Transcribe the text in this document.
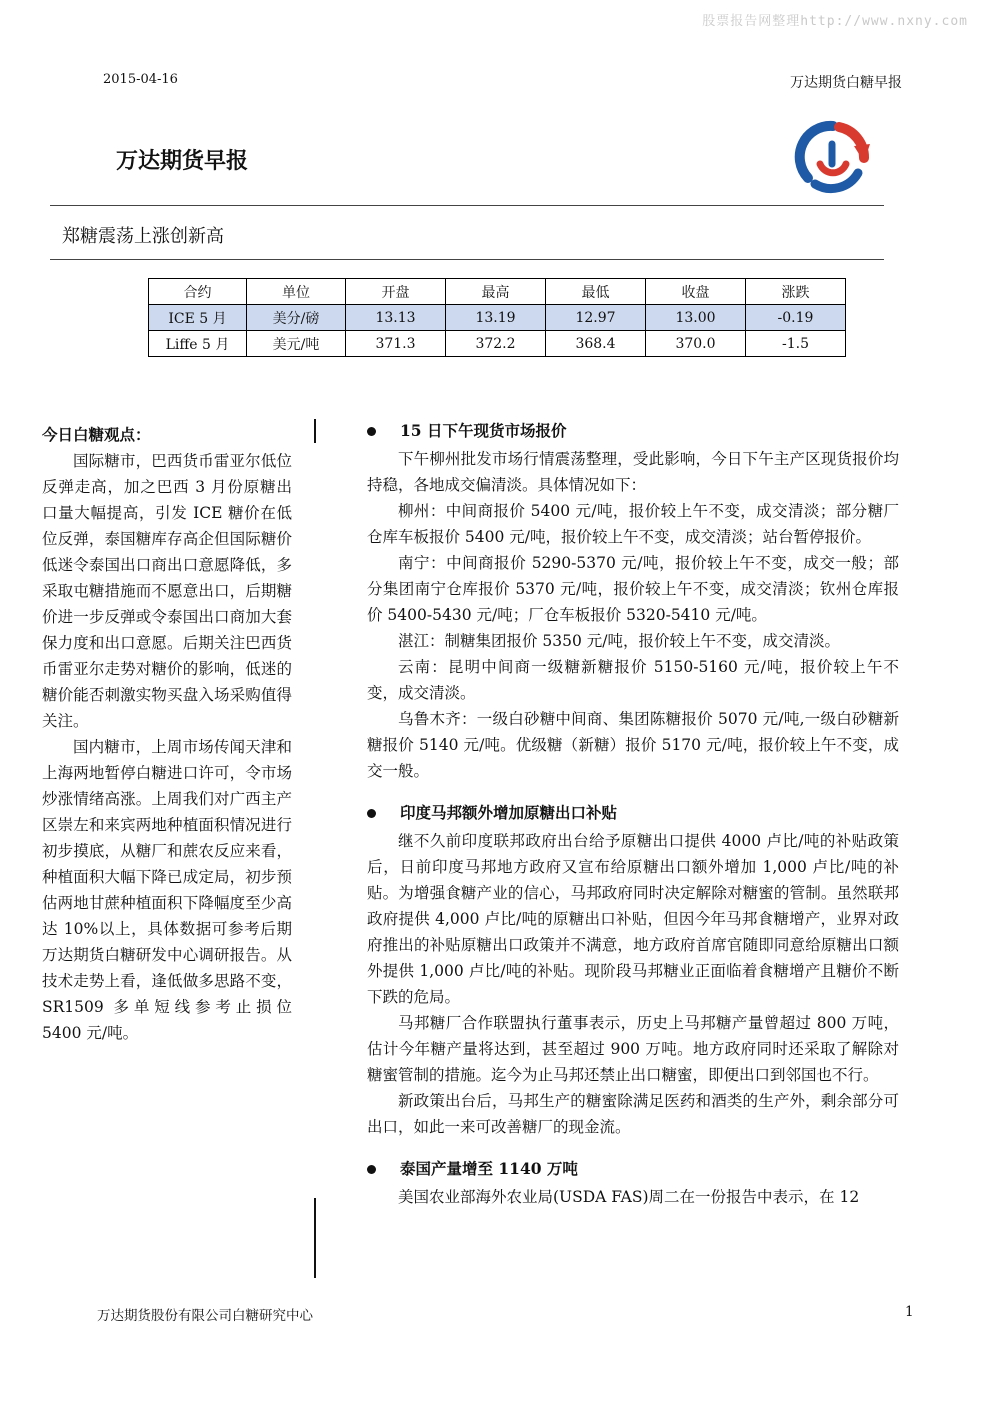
股票报告网整理http://www.nxny.com
2015-04-16	万达期货白糖早报
万达期货早报
郑糖震荡上涨创新高
合约	单位	开盘	最高	最低	收盘	涨跌
ICE 5 月	美分/磅	13.13	13.19	12.97	13.00	-0.19
Liffe 5 月	美元/吨	371.3	372.2	368.4	370.0	-1.5
今日白糖观点：

国际糖市，巴西货币雷亚尔低位反弹走高，加之巴西 3 月份原糖出口量大幅提高，引发 ICE 糖价在低位反弹，泰国糖库存高企但国际糖价低迷令泰国出口商出口意愿降低，多采取屯糖措施而不愿意出口，后期糖价进一步反弹或令泰国出口商加大套保力度和出口意愿。后期关注巴西货币雷亚尔走势对糖价的影响，低迷的糖价能否刺激实物买盘入场采购值得关注。

国内糖市，上周市场传闻天津和上海两地暂停白糖进口许可，令市场炒涨情绪高涨。上周我们对广西主产区崇左和来宾两地种植面积情况进行初步摸底，从糖厂和蔗农反应来看，种植面积大幅下降已成定局，初步预估两地甘蔗种植面积下降幅度至少高达 10%以上，具体数据可参考后期万达期货白糖研发中心调研报告。从技术走势上看，逢低做多思路不变，SR1509 多单短线参考止损位 5400 元/吨。

15 日下午现货市场报价

下午柳州批发市场行情震荡整理，受此影响，今日下午主产区现货报价均持稳，各地成交偏清淡。具体情况如下：

柳州：中间商报价 5400 元/吨，报价较上午不变，成交清淡；部分糖厂仓库车板报价 5400 元/吨，报价较上午不变，成交清淡；站台暂停报价。

南宁：中间商报价 5290-5370 元/吨，报价较上午不变，成交一般；部分集团南宁仓库报价 5370 元/吨，报价较上午不变，成交清淡；钦州仓库报价 5400-5430 元/吨；厂仓车板报价 5320-5410 元/吨。

湛江：制糖集团报价 5350 元/吨，报价较上午不变，成交清淡。

云南：昆明中间商一级糖新糖报价 5150-5160 元/吨，报价较上午不变，成交清淡。

乌鲁木齐：一级白砂糖中间商、集团陈糖报价 5070 元/吨,一级白砂糖新糖报价 5140 元/吨。优级糖（新糖）报价 5170 元/吨，报价较上午不变，成交一般。

印度马邦额外增加原糖出口补贴

继不久前印度联邦政府出台给予原糖出口提供 4000 卢比/吨的补贴政策后，日前印度马邦地方政府又宣布给原糖出口额外增加 1,000 卢比/吨的补贴。为增强食糖产业的信心，马邦政府同时决定解除对糖蜜的管制。虽然联邦政府提供 4,000 卢比/吨的原糖出口补贴，但因今年马邦食糖增产，业界对政府推出的补贴原糖出口政策并不满意，地方政府首席官随即同意给原糖出口额外提供 1,000 卢比/吨的补贴。现阶段马邦糖业正面临着食糖增产且糖价不断下跌的危局。

马邦糖厂合作联盟执行董事表示，历史上马邦糖产量曾超过 800 万吨，估计今年糖产量将达到，甚至超过 900 万吨。地方政府同时还采取了解除对糖蜜管制的措施。迄今为止马邦还禁止出口糖蜜，即便出口到邻国也不行。

新政策出台后，马邦生产的糖蜜除满足医药和酒类的生产外，剩余部分可出口，如此一来可改善糖厂的现金流。

泰国产量增至 1140 万吨

美国农业部海外农业局(USDA FAS)周二在一份报告中表示，在 12

万达期货股份有限公司白糖研究中心	1
